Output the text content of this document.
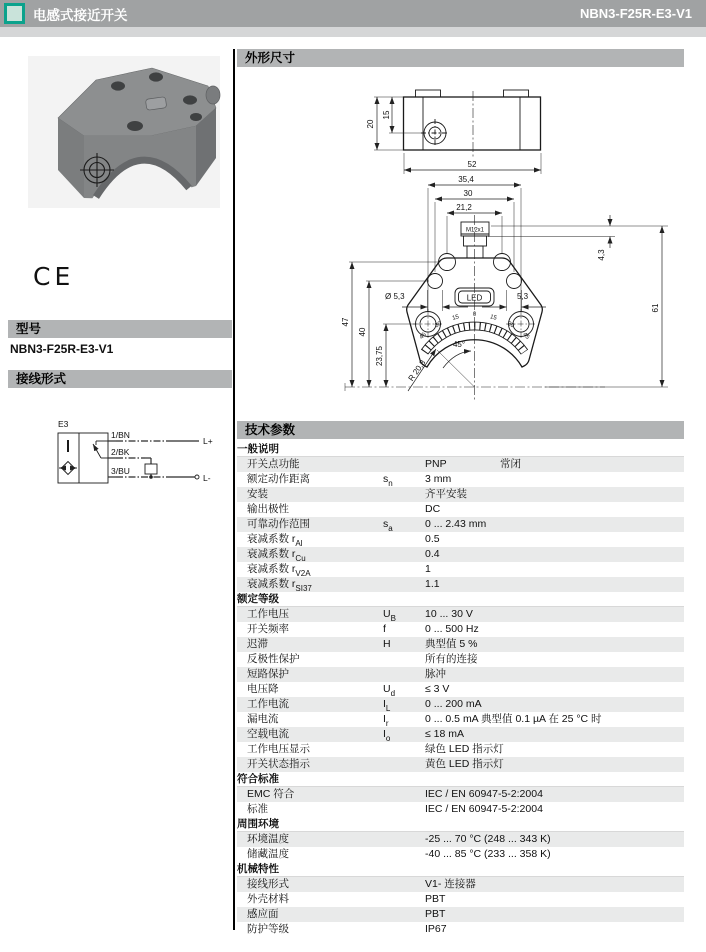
电感式接近开关	NBN3-F25R-E3-V1
CE
型号
NBN3-F25R-E3-V1
接线形式
E3
1/BN
2/BK
3/BU
L+
L-
外形尺寸
20
15
52
35,4
30
21,2
M12x1
LED
0
15	15
30	30
45	45
45°
R 20,8
Ø 5,3	5,3
4,3
61
47
40
23,75
技术参数
一般说明
开关点功能	PNP	常闭
额定动作距离	$s_n$	3 mm
安装	齐平安装
输出极性	DC
可靠动作范围	$s_a$	0 ... 2.43 mm
衰减系数 $r_{Al}$	0.5
衰减系数 $r_{Cu}$	0.4
衰减系数 $r_{V2A}$	1
衰减系数 $r_{SI37}$	1.1
额定等级
工作电压	$U_B$	10 ... 30 V
开关频率	f	0 ... 500 Hz
迟滞	H	典型值 5 %
反极性保护	所有的连接
短路保护	脉冲
电压降	$U_d$	≤ 3 V
工作电流	$I_L$	0 ... 200 mA
漏电流	$I_r$	0 ... 0.5 mA 典型值 0.1 µA 在 25 °C 时
空载电流	$I_o$	≤ 18 mA
工作电压显示	绿色 LED 指示灯
开关状态指示	黄色 LED 指示灯
符合标准
EMC 符合	IEC / EN 60947-5-2:2004
标准	IEC / EN 60947-5-2:2004
周围环境
环境温度	-25 ... 70 °C (248 ... 343 K)
储藏温度	-40 ... 85 °C (233 ... 358 K)
机械特性
接线形式	V1- 连接器
外壳材料	PBT
感应面	PBT
防护等级	IP67
